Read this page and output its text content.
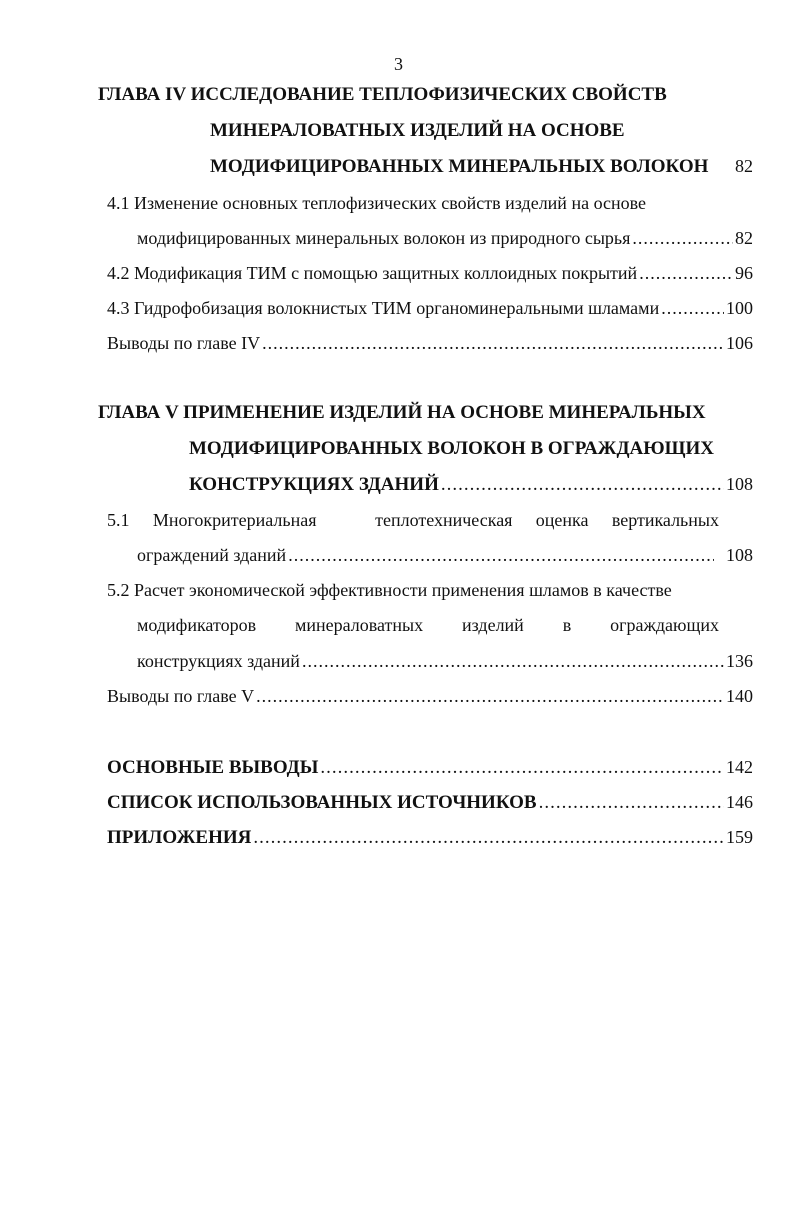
3
ГЛАВА IV ИССЛЕДОВАНИЕ ТЕПЛОФИЗИЧЕСКИХ СВОЙСТВ
МИНЕРАЛОВАТНЫХ ИЗДЕЛИЙ НА ОСНОВЕ
МОДИФИЦИРОВАННЫХ МИНЕРАЛЬНЫХ ВОЛОКОН 82
4.1 Изменение основных теплофизических свойств изделий на основе
модифицированных минеральных волокон из природного сырья .....	82
4.2 Модификация ТИМ с помощью защитных коллоидных покрытий .....	96
4.3 Гидрофобизация волокнистых ТИМ органоминеральными шламами .....	100
Выводы по главе IV .....	106
ГЛАВА V ПРИМЕНЕНИЕ ИЗДЕЛИЙ НА ОСНОВЕ МИНЕРАЛЬНЫХ
МОДИФИЦИРОВАННЫХ ВОЛОКОН В ОГРАЖДАЮЩИХ
КОНСТРУКЦИЯХ ЗДАНИЙ .....	108
5.1 Многокритериальная	теплотехническая оценка вертикальных
ограждений зданий .....	108
5.2 Расчет экономической эффективности применения шламов в качестве
модификаторов минераловатных изделий в ограждающих
конструкциях зданий .....	136
Выводы по главе V .....	140
ОСНОВНЫЕ ВЫВОДЫ .....	142
СПИСОК ИСПОЛЬЗОВАННЫХ ИСТОЧНИКОВ .....	146
ПРИЛОЖЕНИЯ .....	159
